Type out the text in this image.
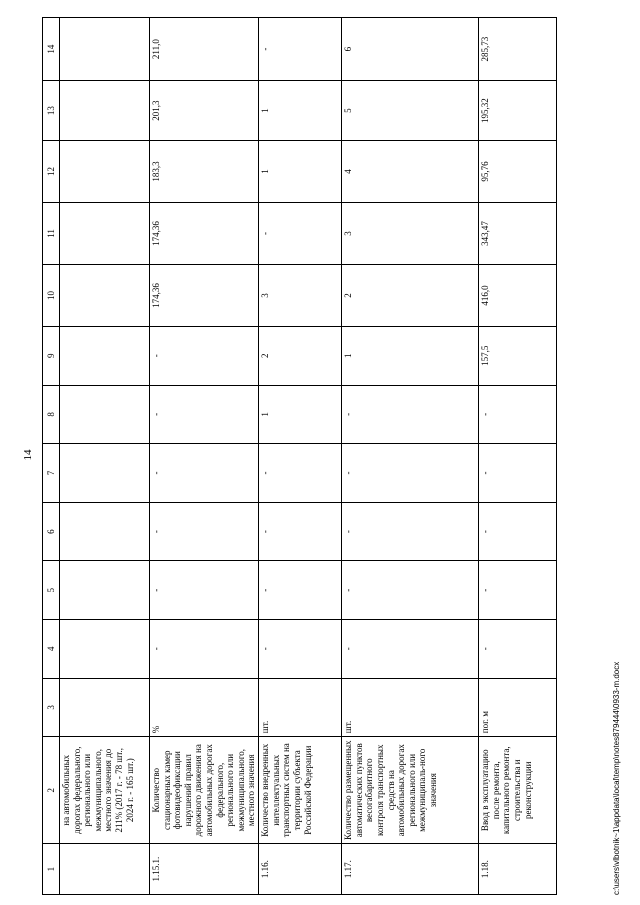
14
1	2	3	4	5	6	7	8	9	10	11	12	13	14
	на автомобильных дорогах федерального, регионального или межмуниципального, местного значения до 211% (2017 г. - 78 шт., 2024 г. - 165 шт.)												
1.15.1.	Количество стационарных камер фотовидеофиксации нарушений правил дорожного движения на автомобильных дорогах федерального, регионального или межмуниципального, местного значения	%	-	-	-	-	-	-	174,36	174,36	183,3	201,3	211,0
1.16.	Количество внедренных интеллектуальных транспортных систем на территории субъекта Российской Федерации	шт.	-	-	-	-	1	2	3	-	1	1	-
1.17.	Количество размещенных автоматических пунктов весогабаритного контроля транспортных средств на автомобильных дорогах регионального или межмуниципаль-ного значения	шт.	-	-	-	-	-	1	2	3	4	5	6
1.18.	Ввод в эксплуатацию после ремонта, капитального ремонта, строительства и реконструкции	пог. м	-	-	-	-	-	157,5	416,0	343,47	95,76	195,32	285,73
c:\users\vlbotnik~1\appdata\local\temp\notes879444\0933-m.docx
